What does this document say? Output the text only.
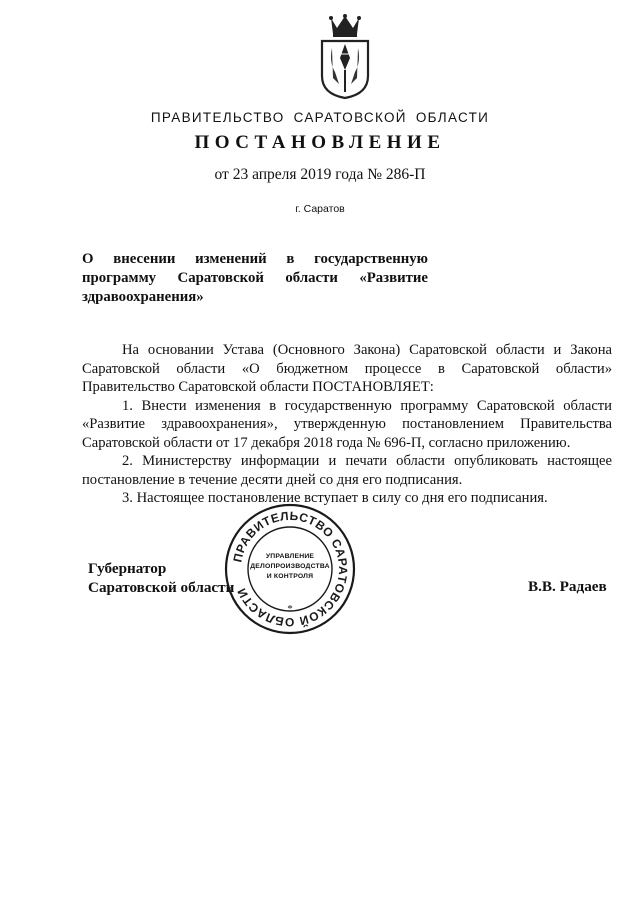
ПРАВИТЕЛЬСТВО САРАТОВСКОЙ ОБЛАСТИ
ПОСТАНОВЛЕНИЕ
от 23 апреля 2019 года № 286-П
г. Саратов
О внесении изменений в государственную программу Саратовской области «Развитие здравоохранения»

На основании Устава (Основного Закона) Саратовской области и Закона Саратовской области «О бюджетном процессе в Саратовской области» Правительство Саратовской области ПОСТАНОВЛЯЕТ:

1. Внести изменения в государственную программу Саратовской области «Развитие здравоохранения», утвержденную постановлением Правительства Саратовской области от 17 декабря 2018 года № 696-П, согласно приложению.

2. Министерству информации и печати области опубликовать настоящее постановление в течение десяти дней со дня его подписания.

3. Настоящее постановление вступает в силу со дня его подписания.

ПРАВИТЕЛЬСТВО САРАТОВСКОЙ ОБЛАСТИ
УПРАВЛЕНИЕ
ДЕЛОПРОИЗВОДСТВА
И КОНТРОЛЯ
*
Губернатор
Саратовской области	В.В. Радаев
